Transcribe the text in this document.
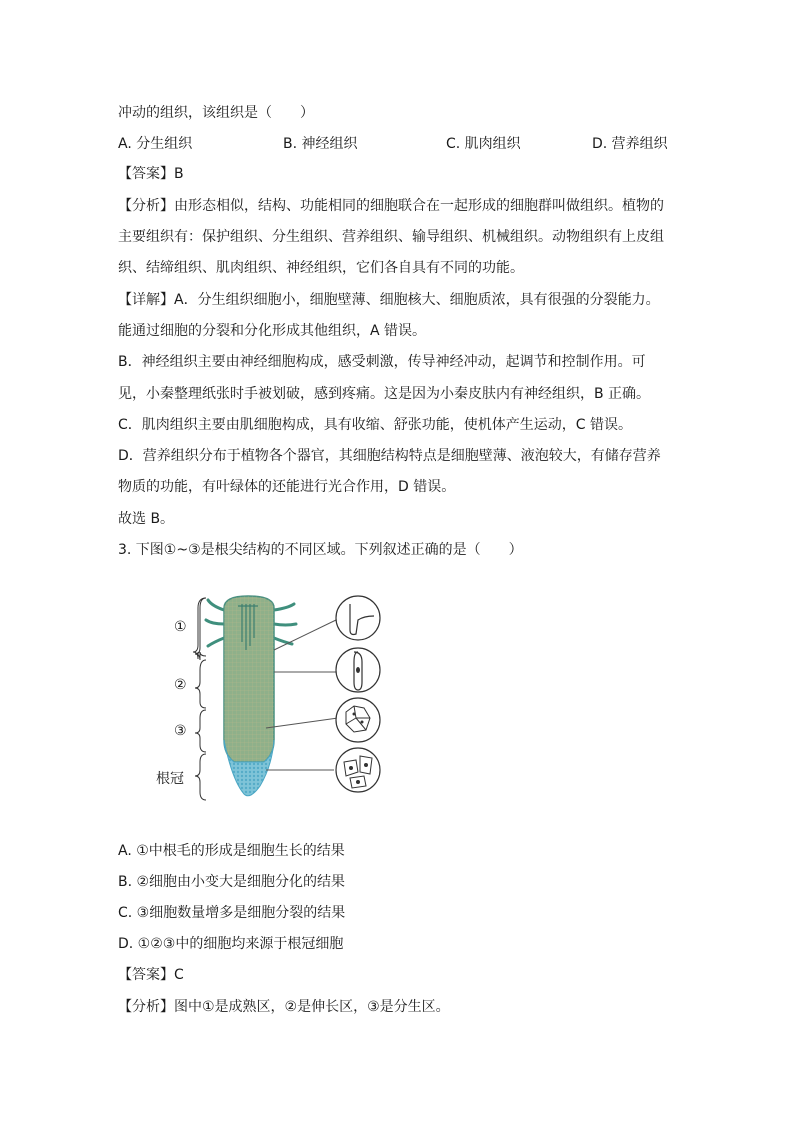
冲动的组织，该组织是（　　）
A. 分生组织	B. 神经组织	C. 肌肉组织	D. 营养组织
【答案】B
【分析】由形态相似，结构、功能相同的细胞联合在一起形成的细胞群叫做组织。植物的
主要组织有：保护组织、分生组织、营养组织、输导组织、机械组织。动物组织有上皮组
织、结缔组织、肌肉组织、神经组织，它们各自具有不同的功能。
【详解】A．分生组织细胞小，细胞壁薄、细胞核大、细胞质浓，具有很强的分裂能力。
能通过细胞的分裂和分化形成其他组织，A 错误。
B．神经组织主要由神经细胞构成，感受刺激，传导神经冲动，起调节和控制作用。可
见，小秦整理纸张时手被划破，感到疼痛。这是因为小秦皮肤内有神经组织，B 正确。
C．肌肉组织主要由肌细胞构成，具有收缩、舒张功能，使机体产生运动，C 错误。
D．营养组织分布于植物各个器官，其细胞结构特点是细胞壁薄、液泡较大，有储存营养
物质的功能，有叶绿体的还能进行光合作用，D 错误。
故选 B。
3. 下图①~③是根尖结构的不同区域。下列叙述正确的是（　　）
①
②
③
根冠
A. ①中根毛的形成是细胞生长的结果
B. ②细胞由小变大是细胞分化的结果
C. ③细胞数量增多是细胞分裂的结果
D. ①②③中的细胞均来源于根冠细胞
【答案】C
【分析】图中①是成熟区，②是伸长区，③是分生区。
